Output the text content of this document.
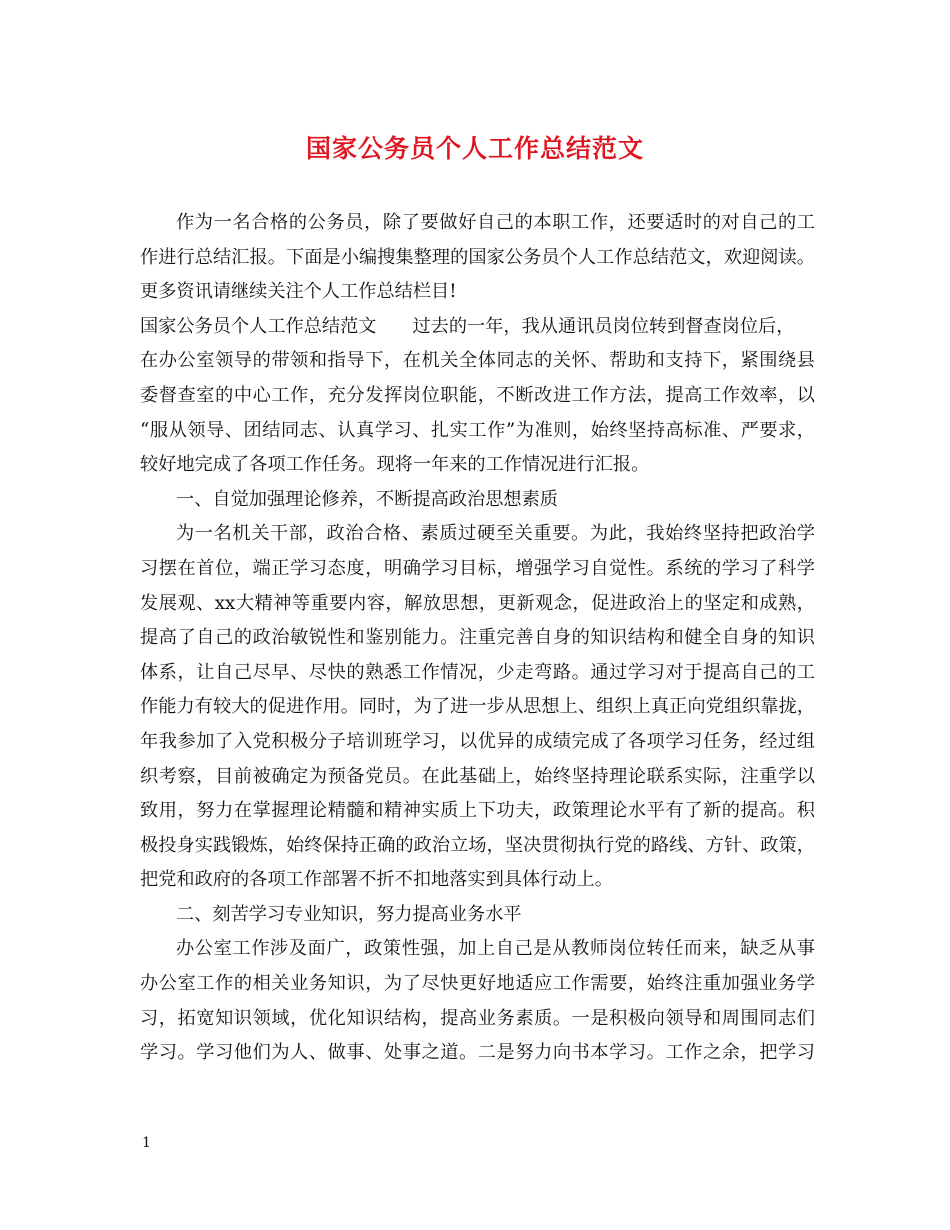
国家公务员个人工作总结范文
作为一名合格的公务员，除了要做好自己的本职工作，还要适时的对自己的工
作进行总结汇报。下面是小编搜集整理的国家公务员个人工作总结范文，欢迎阅读。
更多资讯请继续关注个人工作总结栏目!
国家公务员个人工作总结范文 过去的一年，我从通讯员岗位转到督查岗位后，
在办公室领导的带领和指导下，在机关全体同志的关怀、帮助和支持下，紧围绕县
委督查室的中心工作，充分发挥岗位职能，不断改进工作方法，提高工作效率，以
“服从领导、团结同志、认真学习、扎实工作”为准则，始终坚持高标准、严要求，
较好地完成了各项工作任务。现将一年来的工作情况进行汇报。
一、自觉加强理论修养，不断提高政治思想素质
为一名机关干部，政治合格、素质过硬至关重要。为此，我始终坚持把政治学
习摆在首位，端正学习态度，明确学习目标，增强学习自觉性。系统的学习了科学
发展观、xx大精神等重要内容，解放思想，更新观念，促进政治上的坚定和成熟，
提高了自己的政治敏锐性和鉴别能力。注重完善自身的知识结构和健全自身的知识
体系，让自己尽早、尽快的熟悉工作情况，少走弯路。通过学习对于提高自己的工
作能力有较大的促进作用。同时，为了进一步从思想上、组织上真正向党组织靠拢，
年我参加了入党积极分子培训班学习，以优异的成绩完成了各项学习任务，经过组
织考察，目前被确定为预备党员。在此基础上，始终坚持理论联系实际，注重学以
致用，努力在掌握理论精髓和精神实质上下功夫，政策理论水平有了新的提高。积
极投身实践锻炼，始终保持正确的政治立场，坚决贯彻执行党的路线、方针、政策，
把党和政府的各项工作部署不折不扣地落实到具体行动上。
二、刻苦学习专业知识，努力提高业务水平
办公室工作涉及面广，政策性强，加上自己是从教师岗位转任而来，缺乏从事
办公室工作的相关业务知识，为了尽快更好地适应工作需要，始终注重加强业务学
习，拓宽知识领域，优化知识结构，提高业务素质。一是积极向领导和周围同志们
学习。学习他们为人、做事、处事之道。二是努力向书本学习。工作之余，把学习
1
